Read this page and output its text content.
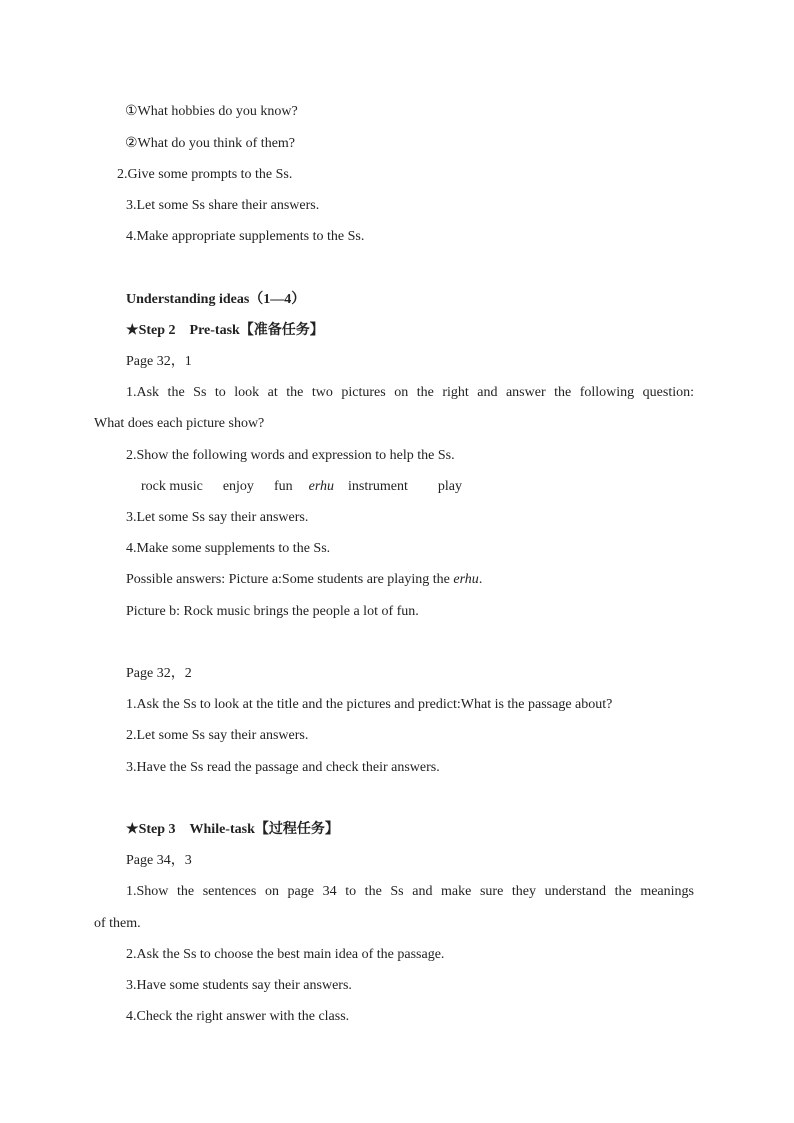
①What hobbies do you know?
②What do you think of them?
2.Give some prompts to the Ss.
3.Let some Ss share their answers.
4.Make appropriate supplements to the Ss.
Understanding ideas（1—4）
★Step 2 Pre-task【准备任务】
Page 32，1
1.Ask the Ss to look at the two pictures on the right and answer the following question:
What does each picture show?
2.Show the following words and expression to help the Ss.
rock music enjoy fun erhu instrument play
3.Let some Ss say their answers.
4.Make some supplements to the Ss.
Possible answers: Picture a:Some students are playing the erhu.
Picture b: Rock music brings the people a lot of fun.
Page 32，2
1.Ask the Ss to look at the title and the pictures and predict:What is the passage about?
2.Let some Ss say their answers.
3.Have the Ss read the passage and check their answers.
★Step 3 While-task【过程任务】
Page 34，3
1.Show the sentences on page 34 to the Ss and make sure they understand the meanings
of them.
2.Ask the Ss to choose the best main idea of the passage.
3.Have some students say their answers.
4.Check the right answer with the class.
